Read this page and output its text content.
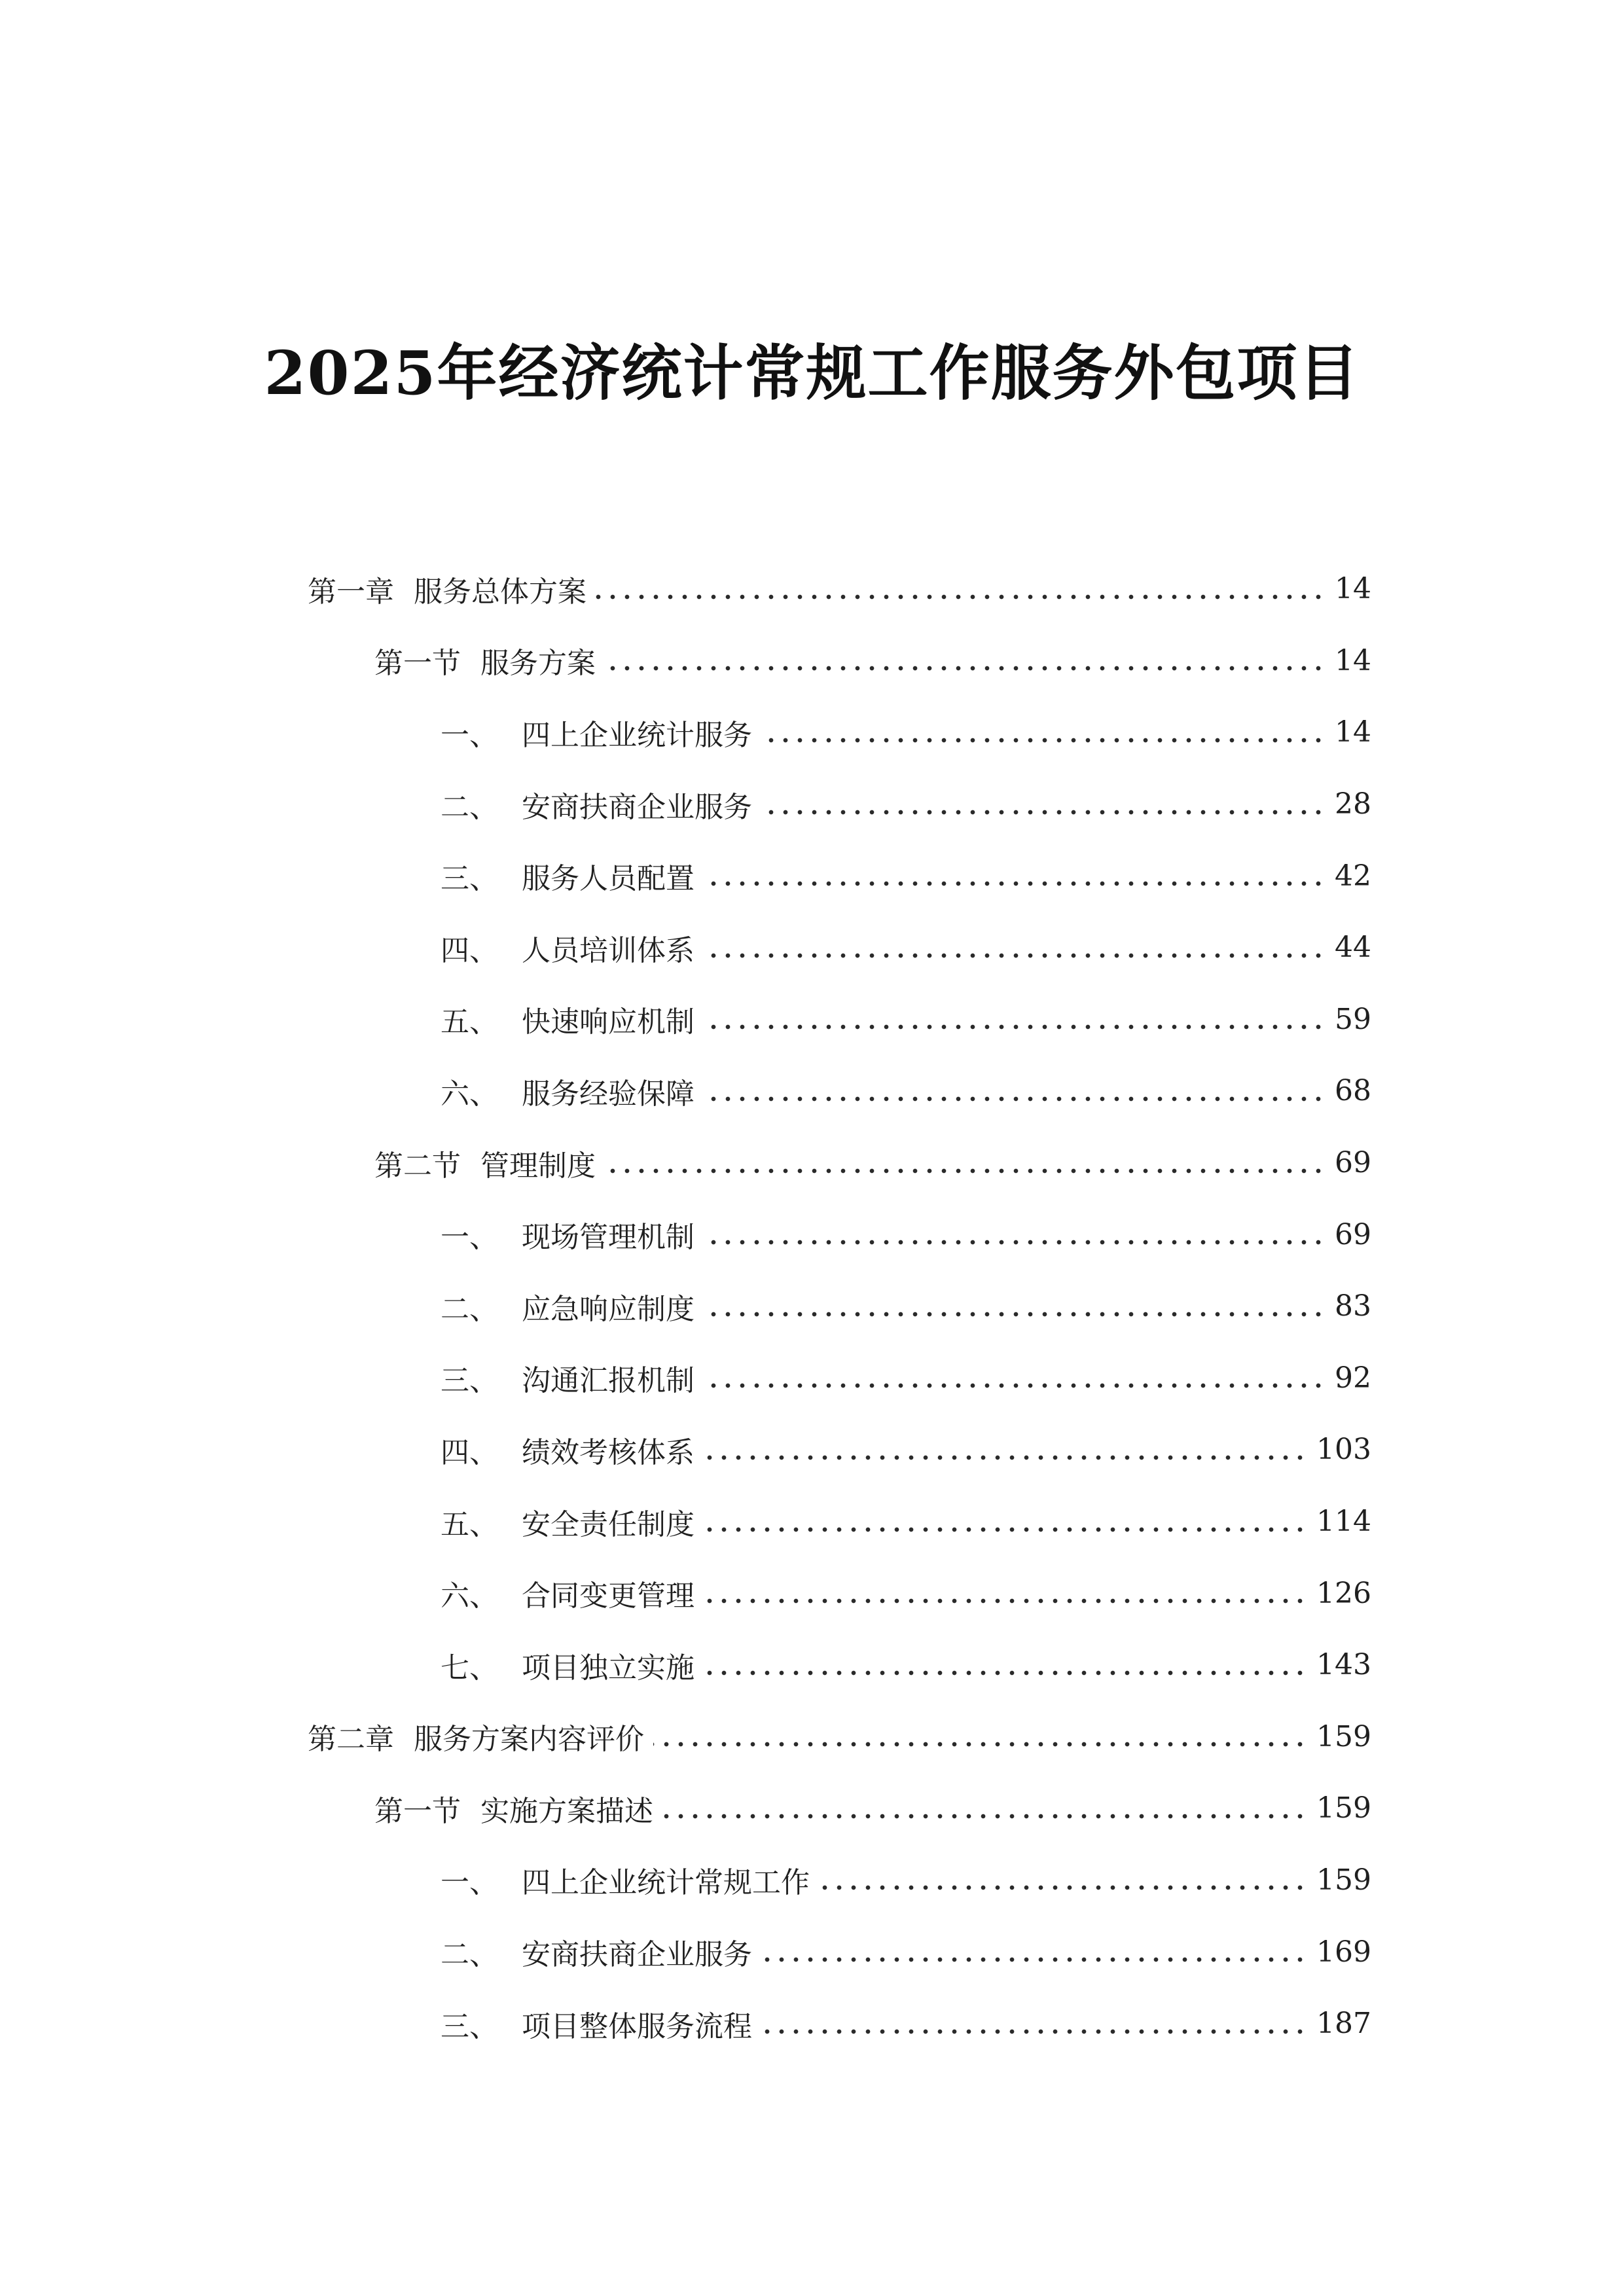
2025年经济统计常规工作服务外包项目
第一章 服务总体方案	14
第一节 服务方案	14
一、 四上企业统计服务	14
二、 安商扶商企业服务	28
三、 服务人员配置	42
四、 人员培训体系	44
五、 快速响应机制	59
六、 服务经验保障	68
第二节 管理制度	69
一、 现场管理机制	69
二、 应急响应制度	83
三、 沟通汇报机制	92
四、 绩效考核体系	103
五、 安全责任制度	114
六、 合同变更管理	126
七、 项目独立实施	143
第二章 服务方案内容评价	159
第一节 实施方案描述	159
一、 四上企业统计常规工作	159
二、 安商扶商企业服务	169
三、 项目整体服务流程	187
